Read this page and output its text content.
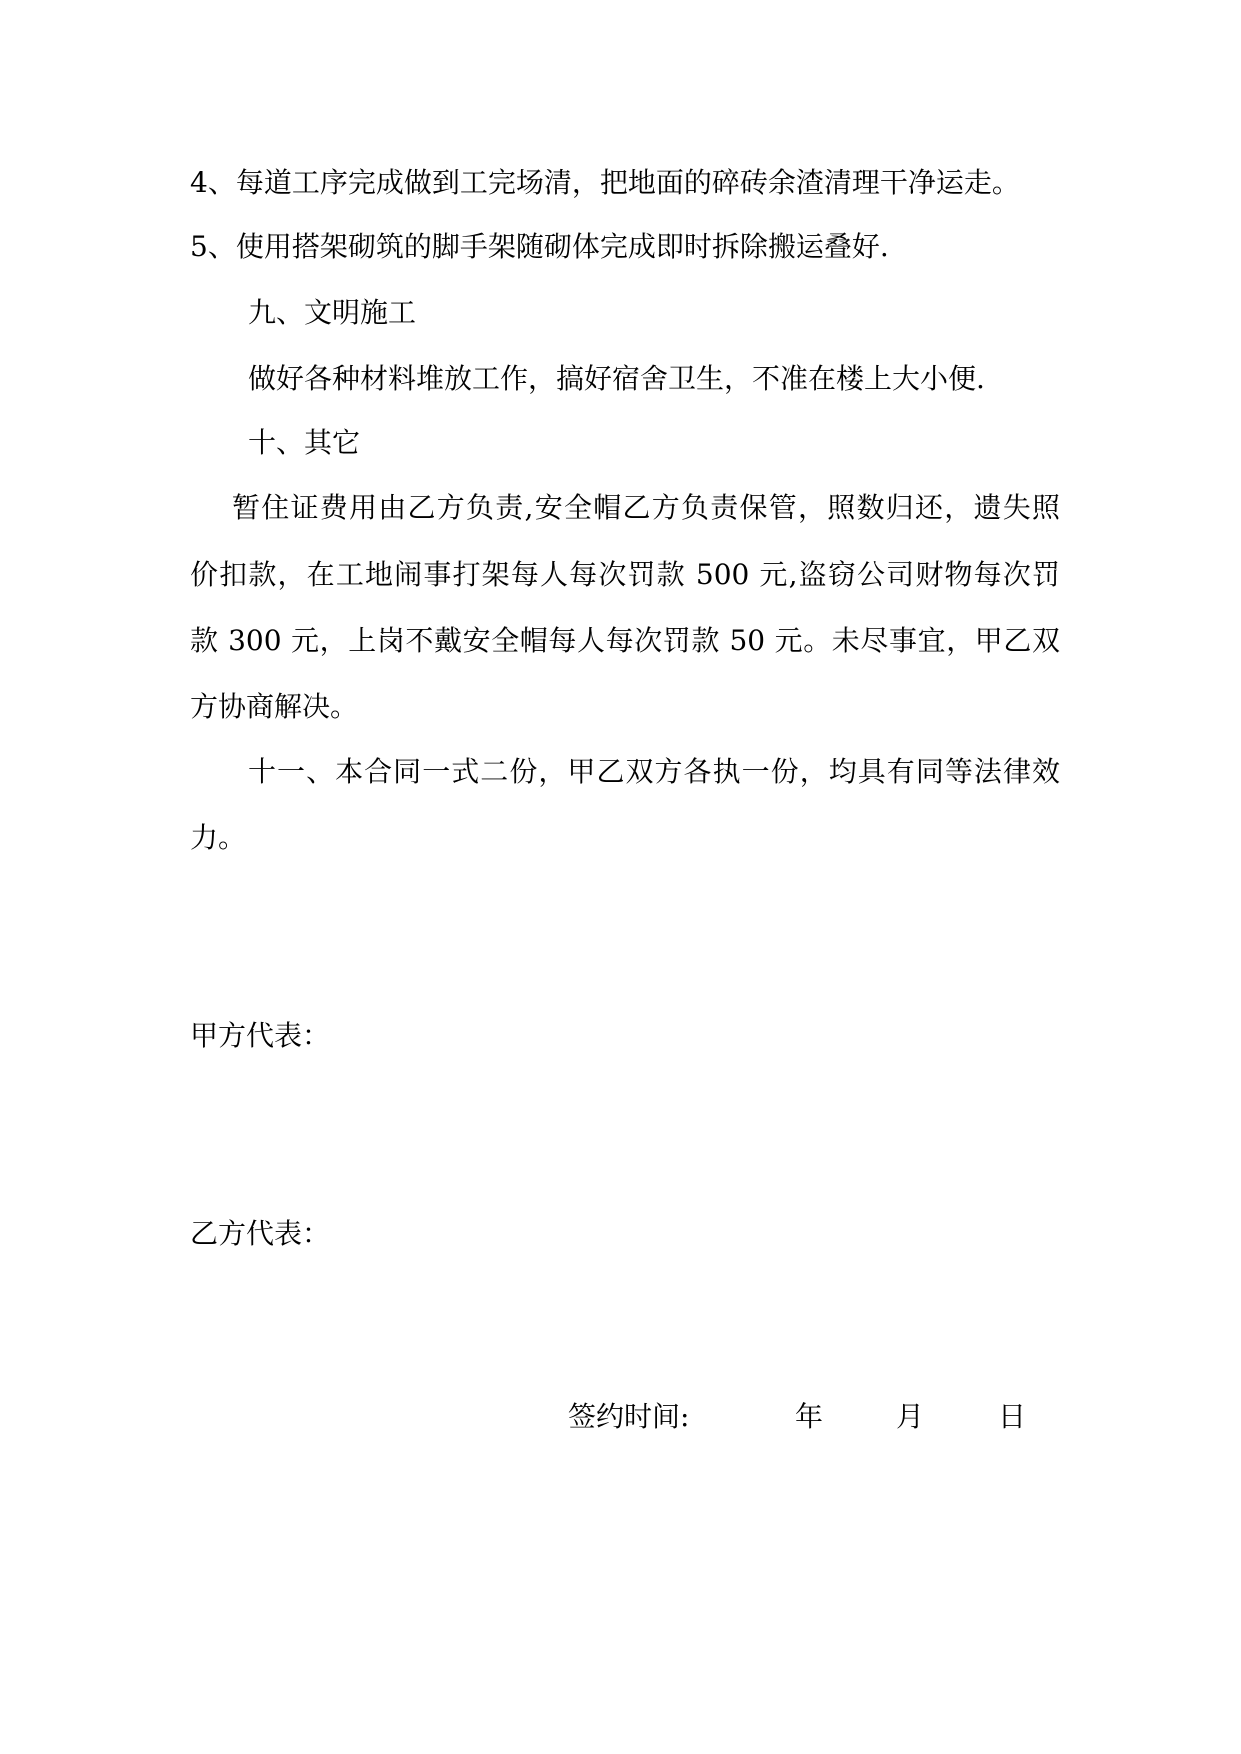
4、每道工序完成做到工完场清，把地面的碎砖余渣清理干净运走。
5、使用搭架砌筑的脚手架随砌体完成即时拆除搬运叠好.
九、文明施工
做好各种材料堆放工作，搞好宿舍卫生，不准在楼上大小便.
十、其它
暂住证费用由乙方负责,安全帽乙方负责保管，照数归还，遗失照
价扣款，在工地闹事打架每人每次罚款 500 元,盗窃公司财物每次罚
款 300 元，上岗不戴安全帽每人每次罚款 50 元。未尽事宜，甲乙双
方协商解决。
十一、本合同一式二份，甲乙双方各执一份，均具有同等法律效
力。
甲方代表：
乙方代表：
签约时间:	年	月	日
